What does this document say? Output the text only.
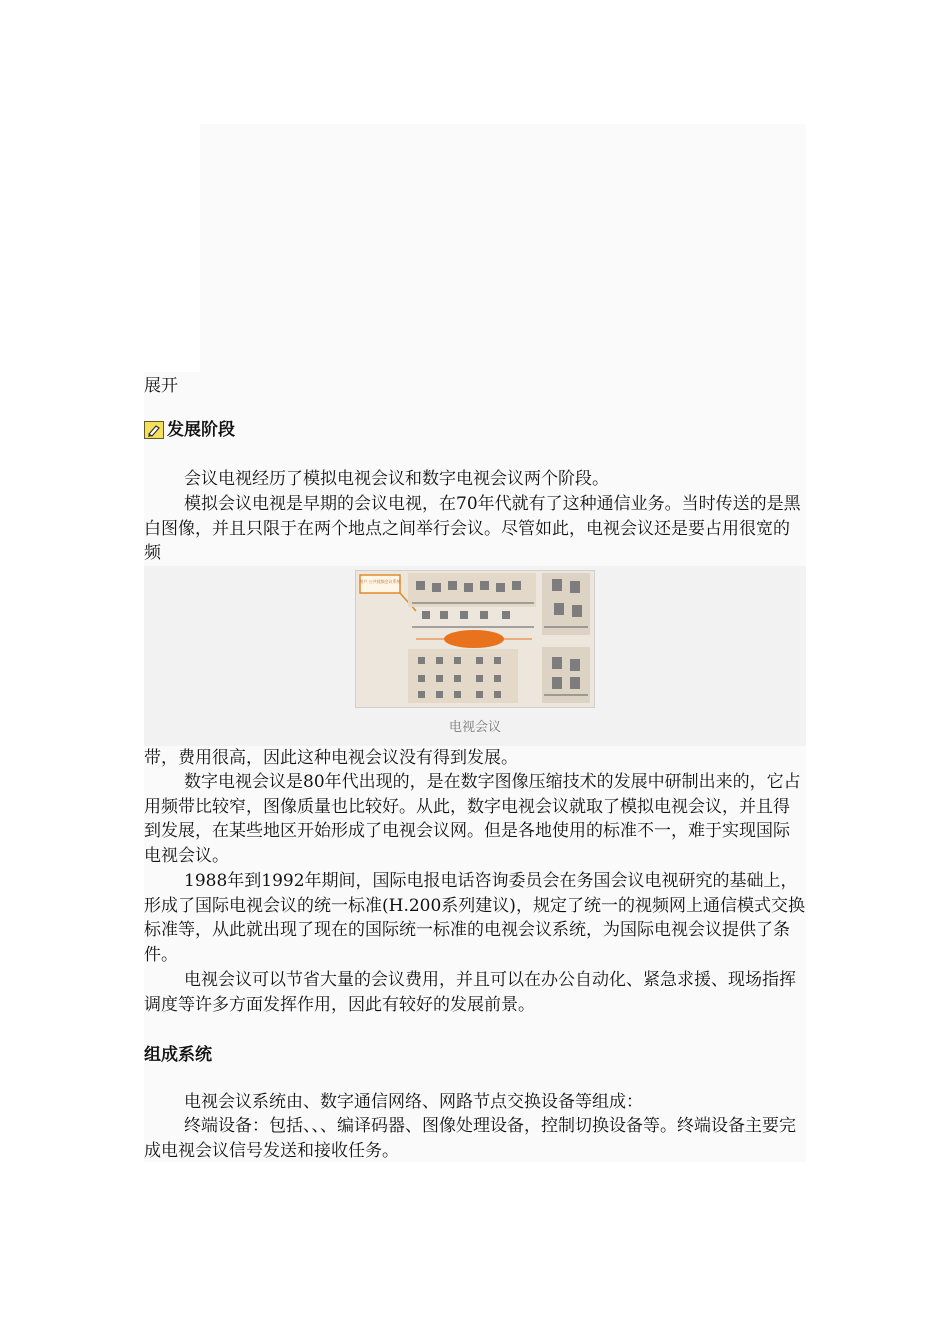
展开
发展阶段
会议电视经历了模拟电视会议和数字电视会议两个阶段。
模拟会议电视是早期的会议电视，在70年代就有了这种通信业务。当时传送的是黑白图像，并且只限于在两个地点之间举行会议。尽管如此，电视会议还是要占用很宽的频
用户 公共视频会议系统
电视会议
带，费用很高，因此这种电视会议没有得到发展。
数字电视会议是80年代出现的，是在数字图像压缩技术的发展中研制出来的，它占用频带比较窄，图像质量也比较好。从此，数字电视会议就取了模拟电视会议，并且得到发展，在某些地区开始形成了电视会议网。但是各地使用的标准不一，难于实现国际电视会议。
1988年到1992年期间，国际电报电话咨询委员会在务国会议电视研究的基础上，形成了国际电视会议的统一标准(H.200系列建议)，规定了统一的视频网上通信模式交换标准等，从此就出现了现在的国际统一标准的电视会议系统，为国际电视会议提供了条件。
电视会议可以节省大量的会议费用，并且可以在办公自动化、紧急求援、现场指挥调度等许多方面发挥作用，因此有较好的发展前景。
组成系统
电视会议系统由、数字通信网络、网路节点交换设备等组成：
终端设备：包括、、、编译码器、图像处理设备，控制切换设备等。终端设备主要完成电视会议信号发送和接收任务。
